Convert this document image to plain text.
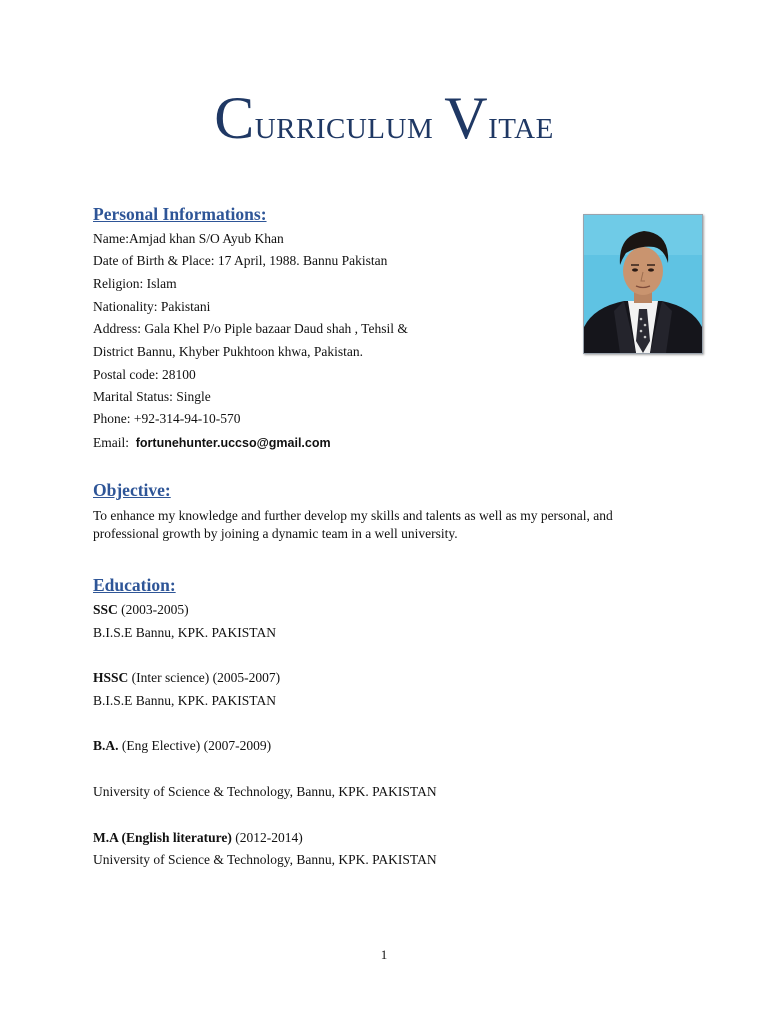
Curriculum Vitae
Personal Informations:
Name:Amjad khan S/O Ayub Khan
Date of Birth & Place: 17 April, 1988. Bannu Pakistan
Religion: Islam
Nationality: Pakistani
Address: Gala Khel P/o Piple bazaar Daud shah , Tehsil &
District Bannu, Khyber Pukhtoon khwa, Pakistan.
Postal code: 28100
Marital Status: Single
Phone: +92-314-94-10-570
Email: fortunehunter.uccso@gmail.com
Objective:
To enhance my knowledge and further develop my skills and talents as well as my personal, and professional growth by joining a dynamic team in a well university.
Education:
SSC (2003-2005)
B.I.S.E Bannu, KPK. PAKISTAN
HSSC (Inter science) (2005-2007)
B.I.S.E Bannu, KPK. PAKISTAN
B.A. (Eng Elective) (2007-2009)
University of Science & Technology, Bannu, KPK. PAKISTAN
M.A (English literature) (2012-2014)
University of Science & Technology, Bannu, KPK. PAKISTAN
1
